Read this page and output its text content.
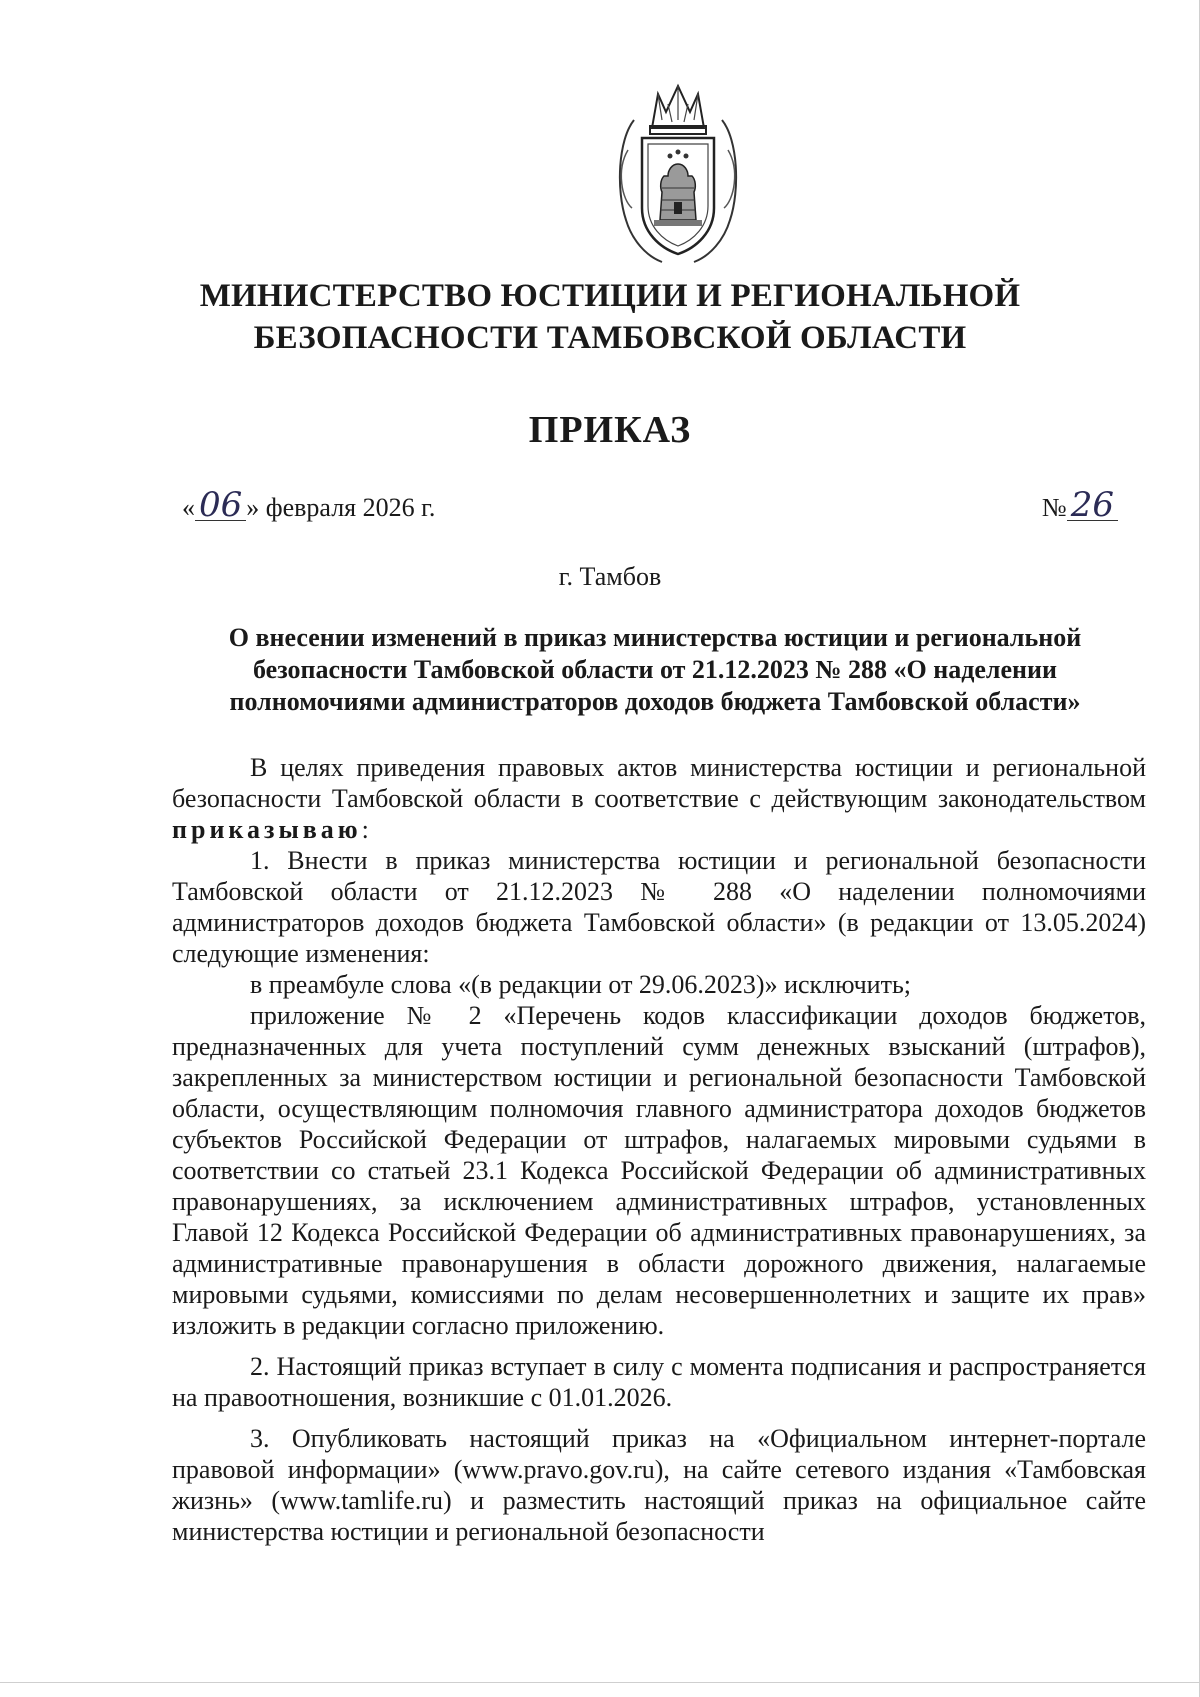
МИНИСТЕРСТВО ЮСТИЦИИ И РЕГИОНАЛЬНОЙ
БЕЗОПАСНОСТИ ТАМБОВСКОЙ ОБЛАСТИ
ПРИКАЗ
« 06 » февраля 2026 г.	№ 26
г. Тамбов
О внесении изменений в приказ министерства юстиции и региональной
безопасности Тамбовской области от 21.12.2023 № 288 «О наделении
полномочиями администраторов доходов бюджета Тамбовской области»

В целях приведения правовых актов министерства юстиции и региональной безопасности Тамбовской области в соответствие с действующим законодательством приказываю:

1. Внести в приказ министерства юстиции и региональной безопасности Тамбовской области от 21.12.2023 № 288 «О наделении полномочиями администраторов доходов бюджета Тамбовской области» (в редакции от 13.05.2024) следующие изменения:

в преамбуле слова «(в редакции от 29.06.2023)» исключить;

приложение № 2 «Перечень кодов классификации доходов бюджетов, предназначенных для учета поступлений сумм денежных взысканий (штрафов), закрепленных за министерством юстиции и региональной безопасности Тамбовской области, осуществляющим полномочия главного администратора доходов бюджетов субъектов Российской Федерации от штрафов, налагаемых мировыми судьями в соответствии со статьей 23.1 Кодекса Российской Федерации об административных правонарушениях, за исключением административных штрафов, установленных Главой 12 Кодекса Российской Федерации об административных правонарушениях, за административные правонарушения в области дорожного движения, налагаемые мировыми судьями, комиссиями по делам несовершеннолетних и защите их прав» изложить в редакции согласно приложению.

2. Настоящий приказ вступает в силу с момента подписания и распространяется на правоотношения, возникшие с 01.01.2026.

3. Опубликовать настоящий приказ на «Официальном интернет-портале правовой информации» (www.pravo.gov.ru), на сайте сетевого издания «Тамбовская жизнь» (www.tamlife.ru) и разместить настоящий приказ на официальное сайте министерства юстиции и региональной безопасности
